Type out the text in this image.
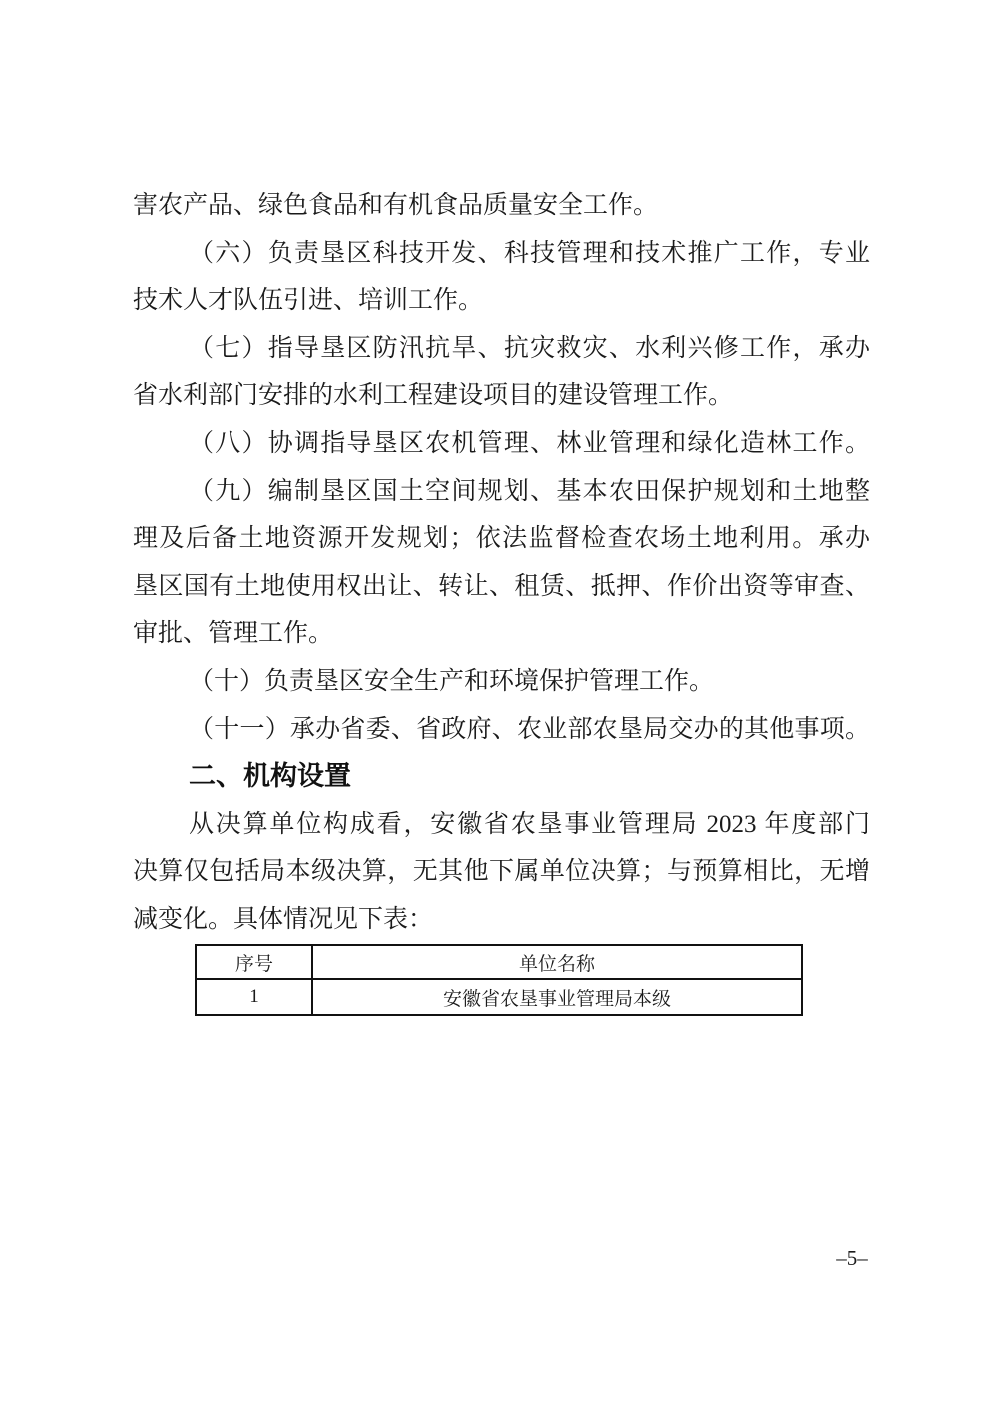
害农产品、绿色食品和有机食品质量安全工作。
（六）负责垦区科技开发、科技管理和技术推广工作，专业
技术人才队伍引进、培训工作。
（七）指导垦区防汛抗旱、抗灾救灾、水利兴修工作，承办
省水利部门安排的水利工程建设项目的建设管理工作。
（八）协调指导垦区农机管理、林业管理和绿化造林工作。
（九）编制垦区国土空间规划、基本农田保护规划和土地整
理及后备土地资源开发规划；依法监督检查农场土地利用。承办
垦区国有土地使用权出让、转让、租赁、抵押、作价出资等审查、
审批、管理工作。
（十）负责垦区安全生产和环境保护管理工作。
（十一）承办省委、省政府、农业部农垦局交办的其他事项。
二、机构设置
从决算单位构成看，安徽省农垦事业管理局 2023 年度部门
决算仅包括局本级决算，无其他下属单位决算；与预算相比，无增
减变化。具体情况见下表：
序号	单位名称
1	安徽省农垦事业管理局本级
–5–
